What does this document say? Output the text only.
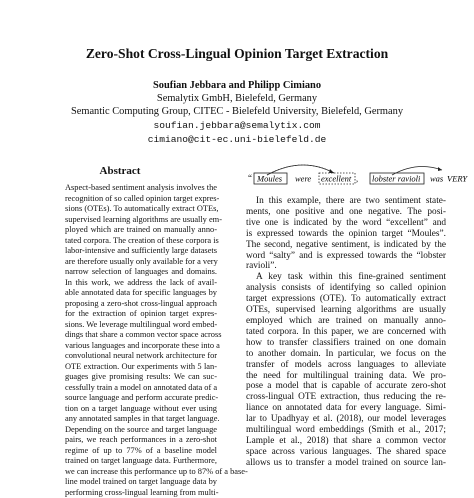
Zero-Shot Cross-Lingual Opinion Target Extraction
Soufian Jebbara and Philipp Cimiano
Semalytix GmbH, Bielefeld, Germany
Semantic Computing Group, CITEC - Bielefeld University, Bielefeld, Germany
soufian.jebbara@semalytix.com
cimiano@cit-ec.uni-bielefeld.de
Abstract
Aspect-based sentiment analysis involves the
recognition of so called opinion target expres-
sions (OTEs). To automatically extract OTEs,
supervised learning algorithms are usually em-
ployed which are trained on manually anno-
tated corpora. The creation of these corpora is
labor-intensive and sufficiently large datasets
are therefore usually only available for a very
narrow selection of languages and domains.
In this work, we address the lack of avail-
able annotated data for specific languages by
proposing a zero-shot cross-lingual approach
for the extraction of opinion target expres-
sions. We leverage multilingual word embed-
dings that share a common vector space across
various languages and incorporate these into a
convolutional neural network architecture for
OTE extraction. Our experiments with 5 lan-
guages give promising results: We can suc-
cessfully train a model on annotated data of a
source language and perform accurate predic-
tion on a target language without ever using
any annotated samples in that target language.
Depending on the source and target language
pairs, we reach performances in a zero-shot
regime of up to 77% of a baseline model
trained on target language data. Furthermore,
we can increase this performance up to 87% of a base-
line model trained on target language data by
performing cross-lingual learning from multi-
“ Moules were excellent , lobster ravioli was VERY
In this example, there are two sentiment state-
ments, one positive and one negative. The posi-
tive one is indicated by the word “excellent” and
is expressed towards the opinion target “Moules”.
The second, negative sentiment, is indicated by the
word “salty” and is expressed towards the “lobster
ravioli”.
A key task within this fine-grained sentiment
analysis consists of identifying so called opinion
target expressions (OTE). To automatically extract
OTEs, supervised learning algorithms are usually
employed which are trained on manually anno-
tated corpora. In this paper, we are concerned with
how to transfer classifiers trained on one domain
to another domain. In particular, we focus on the
transfer of models across languages to alleviate
the need for multilingual training data. We pro-
pose a model that is capable of accurate zero-shot
cross-lingual OTE extraction, thus reducing the re-
liance on annotated data for every language. Simi-
lar to Upadhyay et al. (2018), our model leverages
multilingual word embeddings (Smith et al., 2017;
Lample et al., 2018) that share a common vector
space across various languages. The shared space
allows us to transfer a model trained on source lan-
